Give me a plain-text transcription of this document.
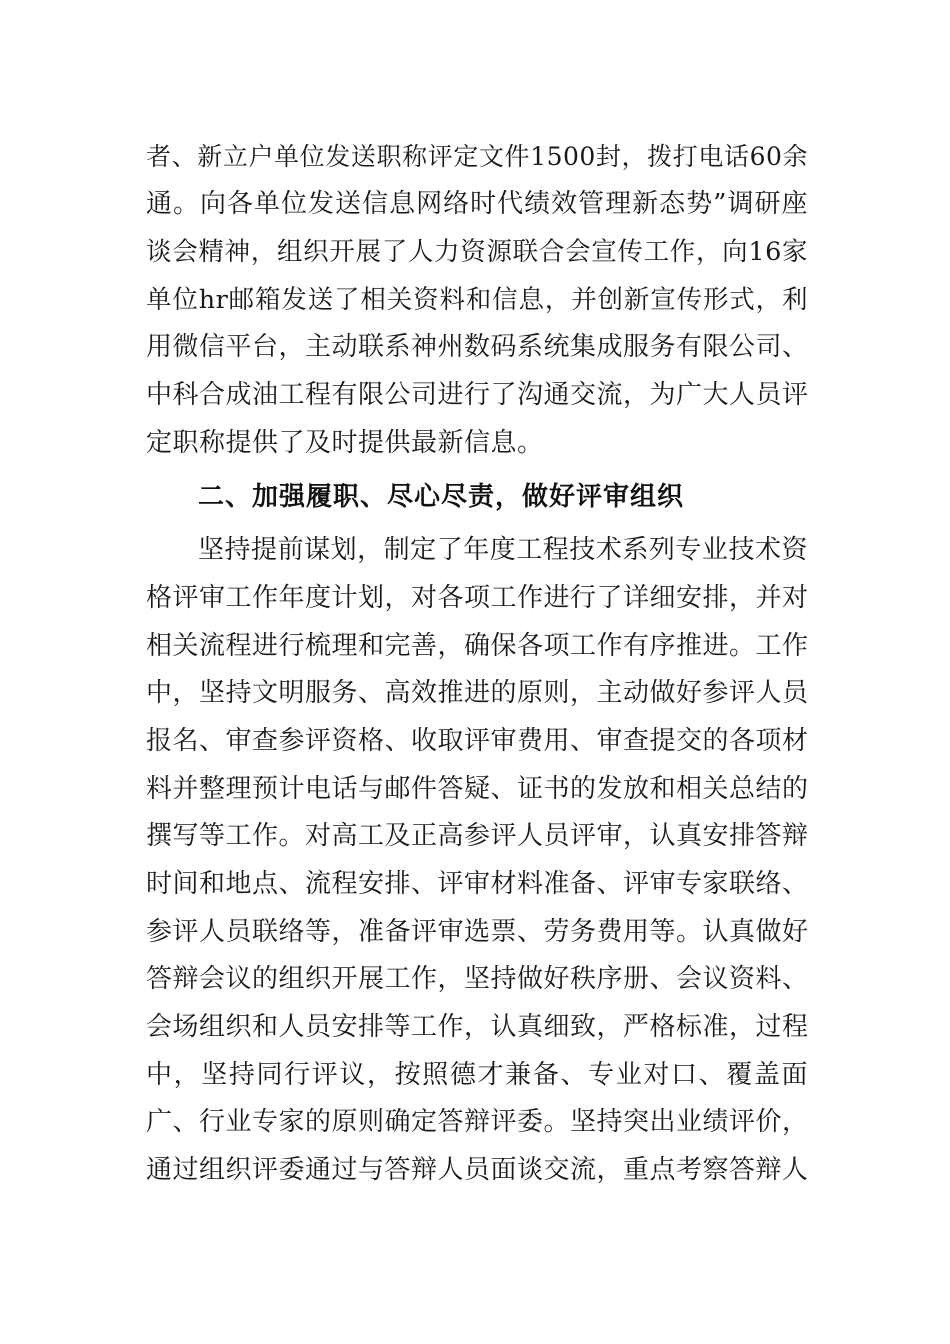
者、新立户单位发送职称评定文件1500封，拨打电话60余
通。向各单位发送信息网络时代绩效管理新态势”调研座
谈会精神，组织开展了人力资源联合会宣传工作，向16家
单位hr邮箱发送了相关资料和信息，并创新宣传形式，利
用微信平台，主动联系神州数码系统集成服务有限公司、
中科合成油工程有限公司进行了沟通交流，为广大人员评
定职称提供了及时提供最新信息。
二、加强履职、尽心尽责，做好评审组织
坚持提前谋划，制定了年度工程技术系列专业技术资
格评审工作年度计划，对各项工作进行了详细安排，并对
相关流程进行梳理和完善，确保各项工作有序推进。工作
中，坚持文明服务、高效推进的原则，主动做好参评人员
报名、审查参评资格、收取评审费用、审查提交的各项材
料并整理预计电话与邮件答疑、证书的发放和相关总结的
撰写等工作。对高工及正高参评人员评审，认真安排答辩
时间和地点、流程安排、评审材料准备、评审专家联络、
参评人员联络等，准备评审选票、劳务费用等。认真做好
答辩会议的组织开展工作，坚持做好秩序册、会议资料、
会场组织和人员安排等工作，认真细致，严格标准，过程
中，坚持同行评议，按照德才兼备、专业对口、覆盖面
广、行业专家的原则确定答辩评委。坚持突出业绩评价，
通过组织评委通过与答辩人员面谈交流，重点考察答辩人
